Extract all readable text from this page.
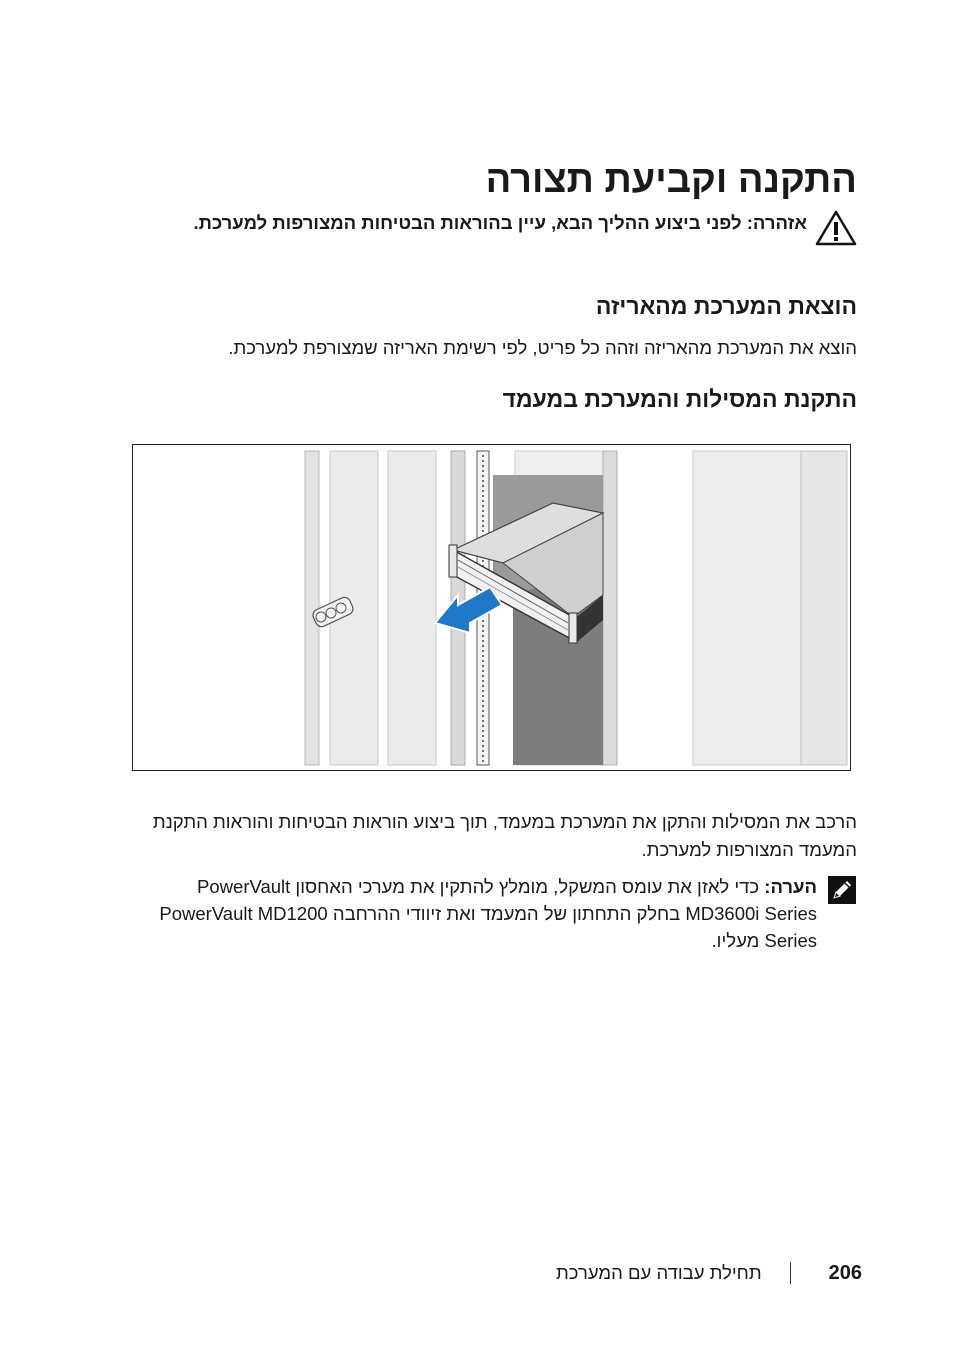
התקנה וקביעת תצורה
אזהרה: לפני ביצוע ההליך הבא, עיין בהוראות הבטיחות המצורפות למערכת.
הוצאת המערכת מהאריזה

הוצא את המערכת מהאריזה וזהה כל פריט, לפי רשימת האריזה שמצורפת למערכת.

התקנת המסילות והמערכת במעמד

הרכב את המסילות והתקן את המערכת במעמד, תוך ביצוע הוראות הבטיחות והוראות התקנת המעמד המצורפות למערכת.

הערה: כדי לאזן את עומס המשקל, מומלץ להתקין את מערכי האחסון PowerVault MD3600i Series בחלק התחתון של המעמד ואת זיוודי ההרחבה PowerVault MD1200 Series מעליו.
206
תחילת עבודה עם המערכת
